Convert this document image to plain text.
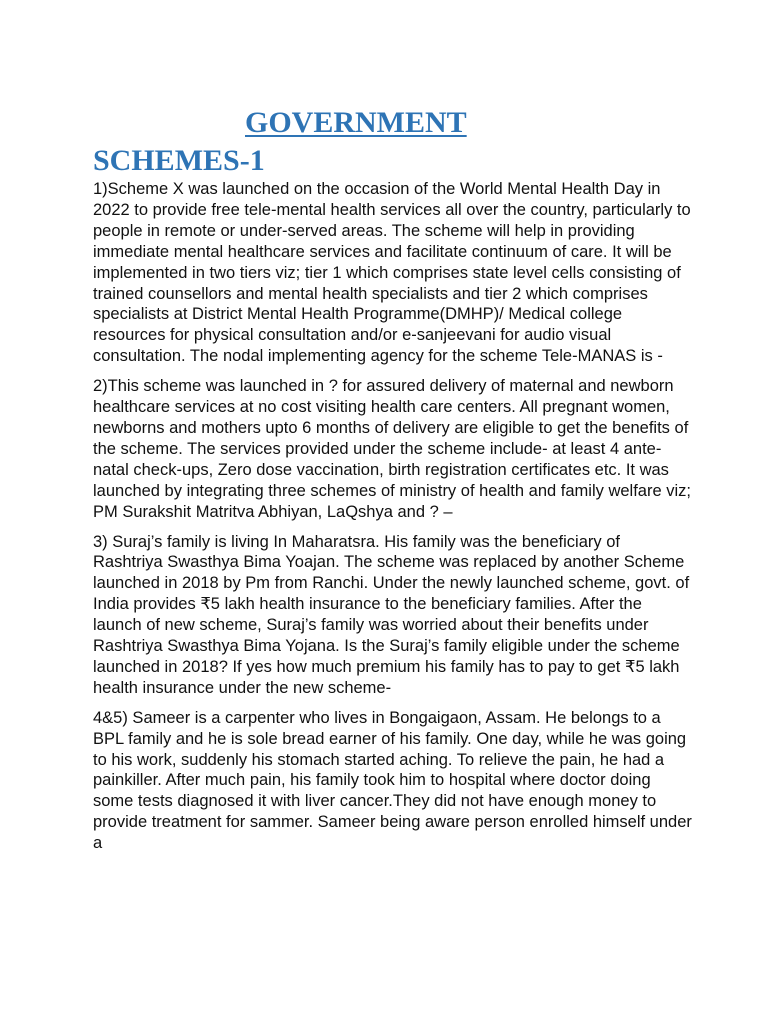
GOVERNMENT
SCHEMES-1

1)Scheme X was launched on the occasion of the World Mental Health Day in 2022 to provide free tele-mental health services all over the country, particularly to people in remote or under-served areas. The scheme will help in providing immediate mental healthcare services and facilitate continuum of care. It will be implemented in two tiers viz; tier 1 which comprises state level cells consisting of trained counsellors and mental health specialists and tier 2 which comprises specialists at District Mental Health Programme(DMHP)/ Medical college resources for physical consultation and/or e-sanjeevani for audio visual consultation. The nodal implementing agency for the scheme Tele-MANAS is -

2)This scheme was launched in ? for assured delivery of maternal and newborn healthcare services at no cost visiting health care centers. All pregnant women, newborns and mothers upto 6 months of delivery are eligible to get the benefits of the scheme. The services provided under the scheme include- at least 4 ante-natal check-ups, Zero dose vaccination, birth registration certificates etc. It was launched by integrating three schemes of ministry of health and family welfare viz; PM Surakshit Matritva Abhiyan, LaQshya and ? –

3) Suraj’s family is living In Maharatsra. His family was the beneficiary of Rashtriya Swasthya Bima Yoajan. The scheme was replaced by another Scheme launched in 2018 by Pm from Ranchi. Under the newly launched scheme, govt. of India provides ₹5 lakh health insurance to the beneficiary families. After the launch of new scheme, Suraj’s family was worried about their benefits under Rashtriya Swasthya Bima Yojana. Is the Suraj’s family eligible under the scheme launched in 2018? If yes how much premium his family has to pay to get ₹5 lakh health insurance under the new scheme-

4&5) Sameer is a carpenter who lives in Bongaigaon, Assam. He belongs to a BPL family and he is sole bread earner of his family. One day, while he was going to his work, suddenly his stomach started aching. To relieve the pain, he had a painkiller. After much pain, his family took him to hospital where doctor doing some tests diagnosed it with liver cancer.They did not have enough money to provide treatment for sammer. Sameer being aware person enrolled himself under a
